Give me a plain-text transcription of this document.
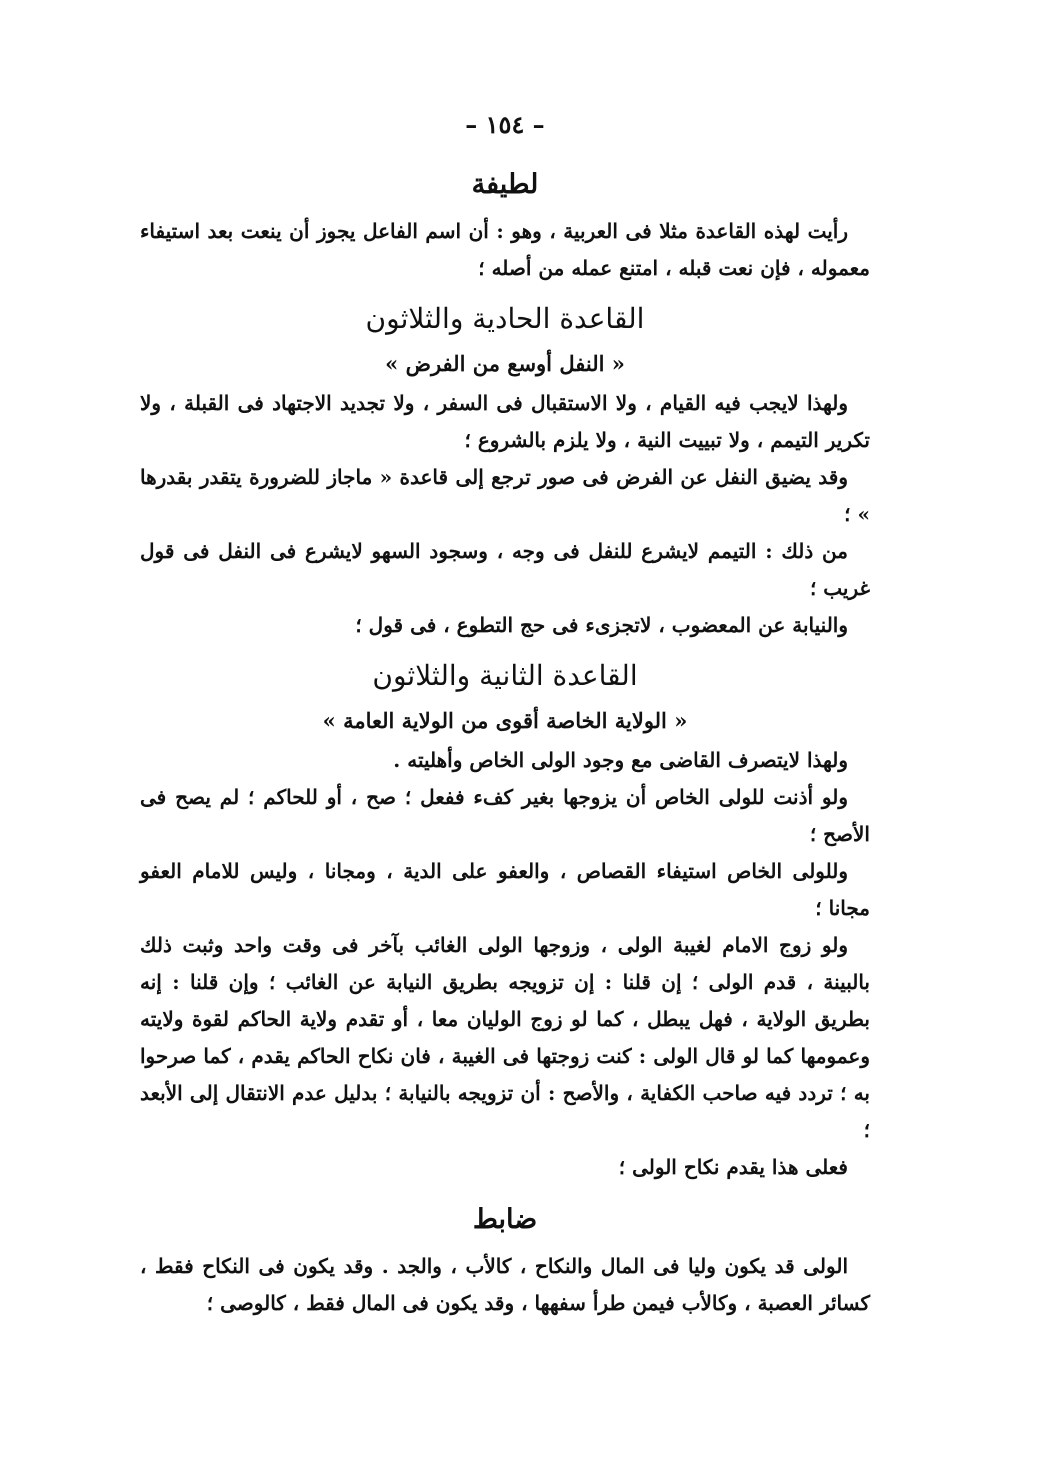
– ١٥٤ –
لطيفة

رأيت لهذه القاعدة مثلا فى العربية ، وهو : أن اسم الفاعل يجوز أن ينعت بعد استيفاء معموله ، فإن نعت قبله ، امتنع عمله من أصله ؛

القاعدة الحادية والثلاثون
« النفل أوسع من الفرض »

ولهذا لايجب فيه القيام ، ولا الاستقبال فى السفر ، ولا تجديد الاجتهاد فى القبلة ، ولا تكرير التيمم ، ولا تبييت النية ، ولا يلزم بالشروع ؛

وقد يضيق النفل عن الفرض فى صور ترجع إلى قاعدة « ماجاز للضرورة يتقدر بقدرها » ؛

من ذلك : التيمم لايشرع للنفل فى وجه ، وسجود السهو لايشرع فى النفل فى قول غريب ؛

والنيابة عن المعضوب ، لاتجزىء فى حج التطوع ، فى قول ؛

القاعدة الثانية والثلاثون
« الولاية الخاصة أقوى من الولاية العامة »

ولهذا لايتصرف القاضى مع وجود الولى الخاص وأهليته .

ولو أذنت للولى الخاص أن يزوجها بغير كفء ففعل ؛ صح ، أو للحاكم ؛ لم يصح فى الأصح ؛

وللولى الخاص استيفاء القصاص ، والعفو على الدية ، ومجانا ، وليس للامام العفو مجانا ؛

ولو زوج الامام لغيبة الولى ، وزوجها الولى الغائب بآخر فى وقت واحد وثبت ذلك بالبينة ، قدم الولى ؛ إن قلنا : إن تزويجه بطريق النيابة عن الغائب ؛ وإن قلنا : إنه بطريق الولاية ، فهل يبطل ، كما لو زوج الوليان معا ، أو تقدم ولاية الحاكم لقوة ولايته وعمومها كما لو قال الولى : كنت زوجتها فى الغيبة ، فان نكاح الحاكم يقدم ، كما صرحوا به ؛ تردد فيه صاحب الكفاية ، والأصح : أن تزويجه بالنيابة ؛ بدليل عدم الانتقال إلى الأبعد ؛

فعلى هذا يقدم نكاح الولى ؛

ضابط

الولى قد يكون وليا فى المال والنكاح ، كالأب ، والجد . وقد يكون فى النكاح فقط ، كسائر العصبة ، وكالأب فيمن طرأ سفهها ، وقد يكون فى المال فقط ، كالوصى ؛
